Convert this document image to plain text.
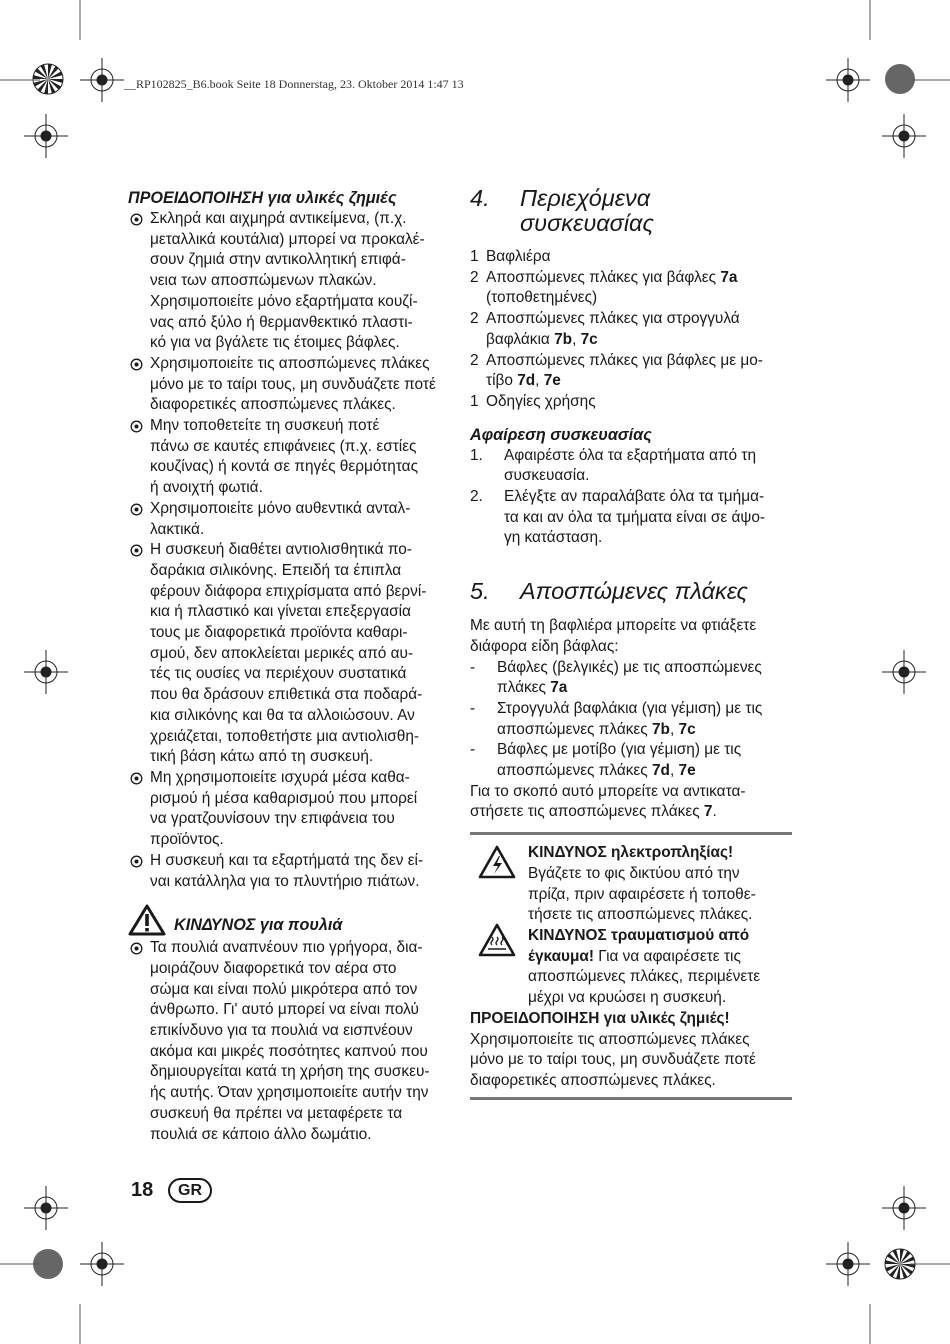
__RP102825_B6.book Seite 18 Donnerstag, 23. Oktober 2014 1:47 13
ΠΡΟΕΙΔΟΠΟΙΗΣΗ για υλικές ζημιές
Σκληρά και αιχμηρά αντικείμενα, (π.χ.
μεταλλικά κουτάλια) μπορεί να προκαλέ-
σουν ζημιά στην αντικολλητική επιφά-
νεια των αποσπώμενων πλακών.
Χρησιμοποιείτε μόνο εξαρτήματα κουζί-
νας από ξύλο ή θερμανθεκτικό πλαστι-
κό για να βγάλετε τις έτοιμες βάφλες.
Χρησιμοποιείτε τις αποσπώμενες πλάκες
μόνο με το ταίρι τους, μη συνδυάζετε ποτέ
διαφορετικές αποσπώμενες πλάκες.
Μην τοποθετείτε τη συσκευή ποτέ
πάνω σε καυτές επιφάνειες (π.χ. εστίες
κουζίνας) ή κοντά σε πηγές θερμότητας
ή ανοιχτή φωτιά.
Χρησιμοποιείτε μόνο αυθεντικά ανταλ-
λακτικά.
Η συσκευή διαθέτει αντιολισθητικά πο-
δαράκια σιλικόνης. Επειδή τα έπιπλα
φέρουν διάφορα επιχρίσματα από βερνί-
κια ή πλαστικό και γίνεται επεξεργασία
τους με διαφορετικά προϊόντα καθαρι-
σμού, δεν αποκλείεται μερικές από αυ-
τές τις ουσίες να περιέχουν συστατικά
που θα δράσουν επιθετικά στα ποδαρά-
κια σιλικόνης και θα τα αλλοιώσουν. Αν
χρειάζεται, τοποθετήστε μια αντιολισθη-
τική βάση κάτω από τη συσκευή.
Μη χρησιμοποιείτε ισχυρά μέσα καθα-
ρισμού ή μέσα καθαρισμού που μπορεί
να γρατζουνίσουν την επιφάνεια του
προϊόντος.
Η συσκευή και τα εξαρτήματά της δεν εί-
ναι κατάλληλα για το πλυντήριο πιάτων.
ΚΙΝΔΥΝΟΣ για πουλιά
Τα πουλιά αναπνέουν πιο γρήγορα, δια-
μοιράζουν διαφορετικά τον αέρα στο
σώμα και είναι πολύ μικρότερα από τον
άνθρωπο. Γι' αυτό μπορεί να είναι πολύ
επικίνδυνο για τα πουλιά να εισπνέουν
ακόμα και μικρές ποσότητες καπνού που
δημιουργείται κατά τη χρήση της συσκευ-
ής αυτής. Όταν χρησιμοποιείτε αυτήν την
συσκευή θα πρέπει να μεταφέρετε τα
πουλιά σε κάποιο άλλο δωμάτιο.
4. Περιεχόμενα
συσκευασίας
1 Βαφλιέρα
2 Αποσπώμενες πλάκες για βάφλες 7a
(τοποθετημένες)
2 Αποσπώμενες πλάκες για στρογγυλά
βαφλάκια 7b, 7c
2 Αποσπώμενες πλάκες για βάφλες με μο-
τίβο 7d, 7e
1 Οδηγίες χρήσης
Αφαίρεση συσκευασίας
1.	Αφαιρέστε όλα τα εξαρτήματα από τη
συσκευασία.
2.	Ελέγξτε αν παραλάβατε όλα τα τμήμα-
τα και αν όλα τα τμήματα είναι σε άψο-
γη κατάσταση.
5. Αποσπώμενες πλάκες
Με αυτή τη βαφλιέρα μπορείτε να φτιάξετε
διάφορα είδη βάφλας:
-	Βάφλες (βελγικές) με τις αποσπώμενες
πλάκες 7a
-	Στρογγυλά βαφλάκια (για γέμιση) με τις
αποσπώμενες πλάκες 7b, 7c
-	Βάφλες με μοτίβο (για γέμιση) με τις
αποσπώμενες πλάκες 7d, 7e
Για το σκοπό αυτό μπορείτε να αντικατα-
στήσετε τις αποσπώμενες πλάκες 7.
ΚΙΝΔΥΝΟΣ ηλεκτροπληξίας!
Βγάζετε το φις δικτύου από την
πρίζα, πριν αφαιρέσετε ή τοποθε-
τήσετε τις αποσπώμενες πλάκες.
ΚΙΝΔΥΝΟΣ τραυματισμού από
έγκαυμα! Για να αφαιρέσετε τις
αποσπώμενες πλάκες, περιμένετε
μέχρι να κρυώσει η συσκευή.
ΠΡΟΕΙΔΟΠΟΙΗΣΗ για υλικές ζημιές!
Χρησιμοποιείτε τις αποσπώμενες πλάκες
μόνο με το ταίρι τους, μη συνδυάζετε ποτέ
διαφορετικές αποσπώμενες πλάκες.
18	GR
